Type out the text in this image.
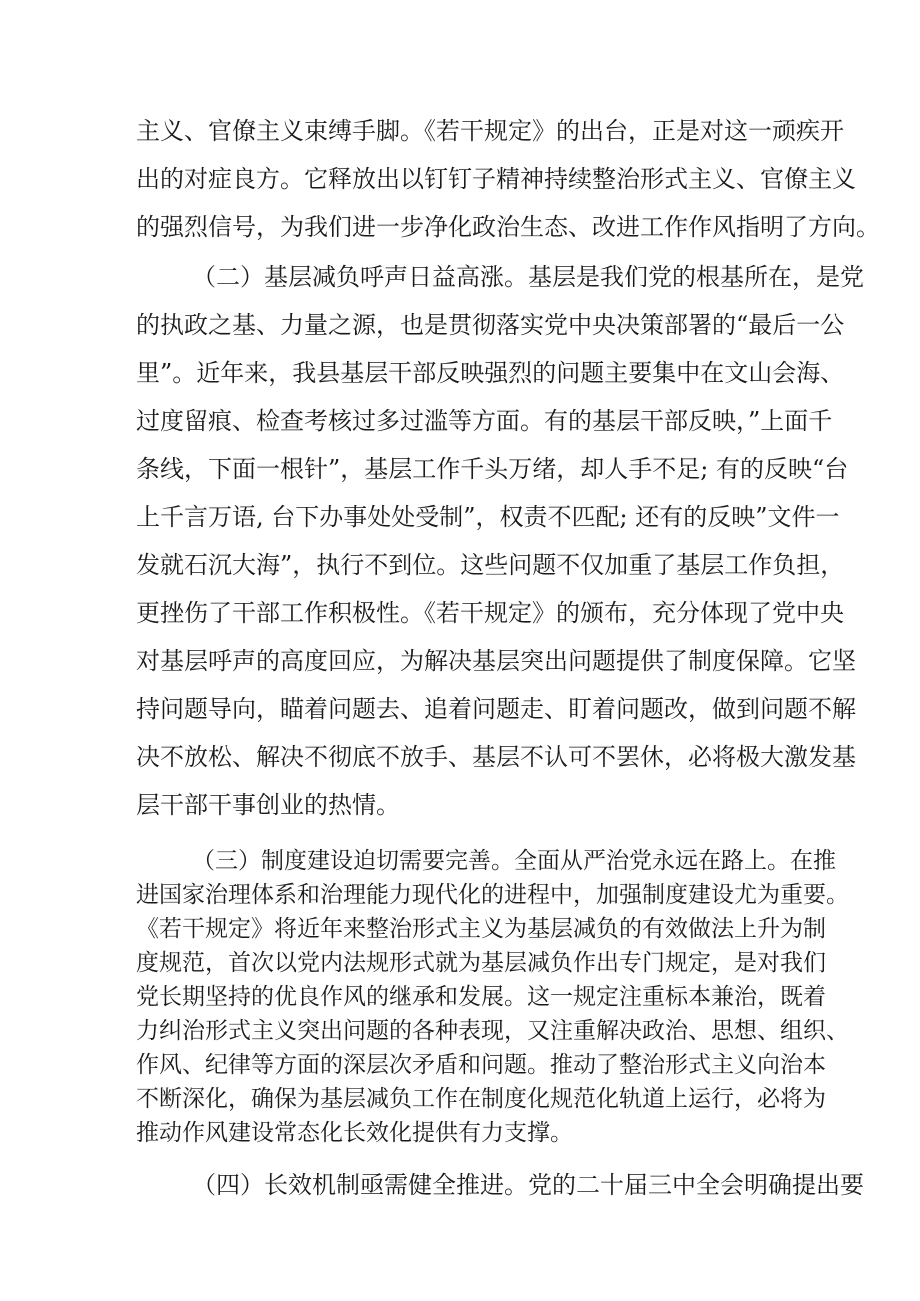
主义、官僚主义束缚手脚。《若干规定》的出台，正是对这一顽疾开
出的对症良方。它释放出以钉钉子精神持续整治形式主义、官僚主义
的强烈信号，为我们进一步净化政治生态、改进工作作风指明了方向。
（二）基层减负呼声日益高涨。基层是我们党的根基所在，是党
的执政之基、力量之源，也是贯彻落实党中央决策部署的“最后一公
里”。近年来，我县基层干部反映强烈的问题主要集中在文山会海、
过度留痕、检查考核过多过滥等方面。有的基层干部反映，”上面千
条线，下面一根针”，基层工作千头万绪，却人手不足; 有的反映“台
上千言万语, 台下办事处处受制”，权责不匹配; 还有的反映”文件一
发就石沉大海”，执行不到位。这些问题不仅加重了基层工作负担，
更挫伤了干部工作积极性。《若干规定》的颁布，充分体现了党中央
对基层呼声的高度回应，为解决基层突出问题提供了制度保障。它坚
持问题导向，瞄着问题去、追着问题走、盯着问题改，做到问题不解
决不放松、解决不彻底不放手、基层不认可不罢休，必将极大激发基
层干部干事创业的热情。
（三）制度建设迫切需要完善。全面从严治党永远在路上。在推
进国家治理体系和治理能力现代化的进程中，加强制度建设尤为重要。
《若干规定》将近年来整治形式主义为基层减负的有效做法上升为制
度规范，首次以党内法规形式就为基层减负作出专门规定，是对我们
党长期坚持的优良作风的继承和发展。这一规定注重标本兼治，既着
力纠治形式主义突出问题的各种表现，又注重解决政治、思想、组织、
作风、纪律等方面的深层次矛盾和问题。推动了整治形式主义向治本
不断深化，确保为基层减负工作在制度化规范化轨道上运行，必将为
推动作风建设常态化长效化提供有力支撑。
（四）长效机制亟需健全推进。党的二十届三中全会明确提出要
